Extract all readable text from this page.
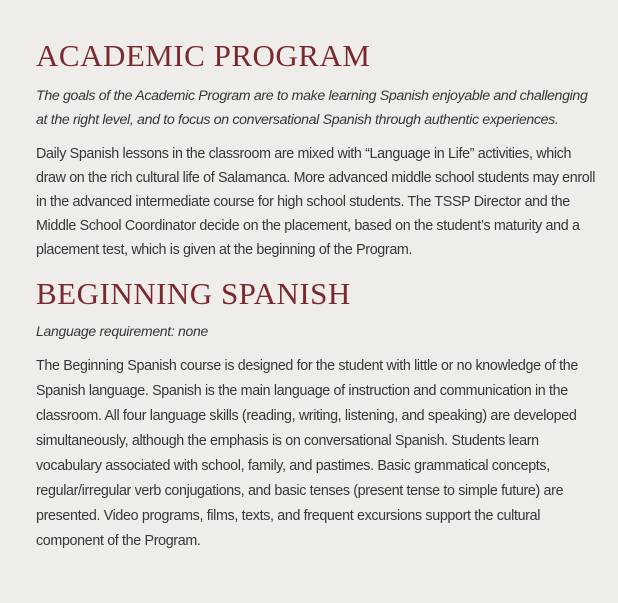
ACADEMIC PROGRAM

The goals of the Academic Program are to make learning Spanish enjoyable and challenging at the right level, and to focus on conversational Spanish through authentic experiences.

Daily Spanish lessons in the classroom are mixed with “Language in Life” activities, which draw on the rich cultural life of Salamanca. More advanced middle school students may enroll in the advanced intermediate course for high school students. The TSSP Director and the Middle School Coordinator decide on the placement, based on the student’s maturity and a placement test, which is given at the beginning of the Program.

BEGINNING SPANISH

Language requirement: none

The Beginning Spanish course is designed for the student with little or no knowledge of the Spanish language. Spanish is the main language of instruction and communication in the classroom. All four language skills (reading, writing, listening, and speaking) are developed simultaneously, although the emphasis is on conversational Spanish. Students learn vocabulary associated with school, family, and pastimes. Basic grammatical concepts, regular/irregular verb conjugations, and basic tenses (present tense to simple future) are presented. Video programs, films, texts, and frequent excursions support the cultural component of the Program.
